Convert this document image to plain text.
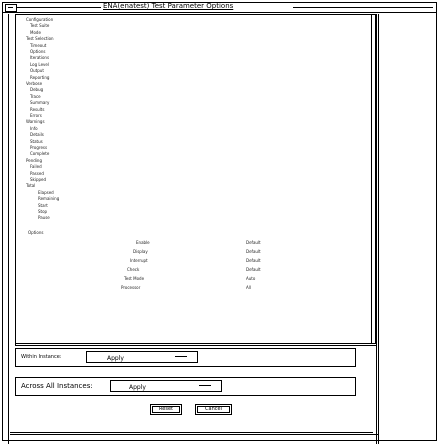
ENA(enatest) Test Parameter Options
Configuration
Test Suite
Mode
Test Selection
Timeout
Options
Iterations
Log Level
Output
Reporting
Verbose
Debug
Trace
Summary
Results
Errors
Warnings
Info
Details
Status
Progress
Complete
Pending
Failed
Passed
Skipped
Total
Elapsed
Remaining
Start
Stop
Pause
Options
Enable	Default
Display	Default
Interrupt	Default
Check	Default
Test Mode	Auto
Processor	All
Within Instance:	Apply
Across All Instances:	Apply
Reset	Cancel
